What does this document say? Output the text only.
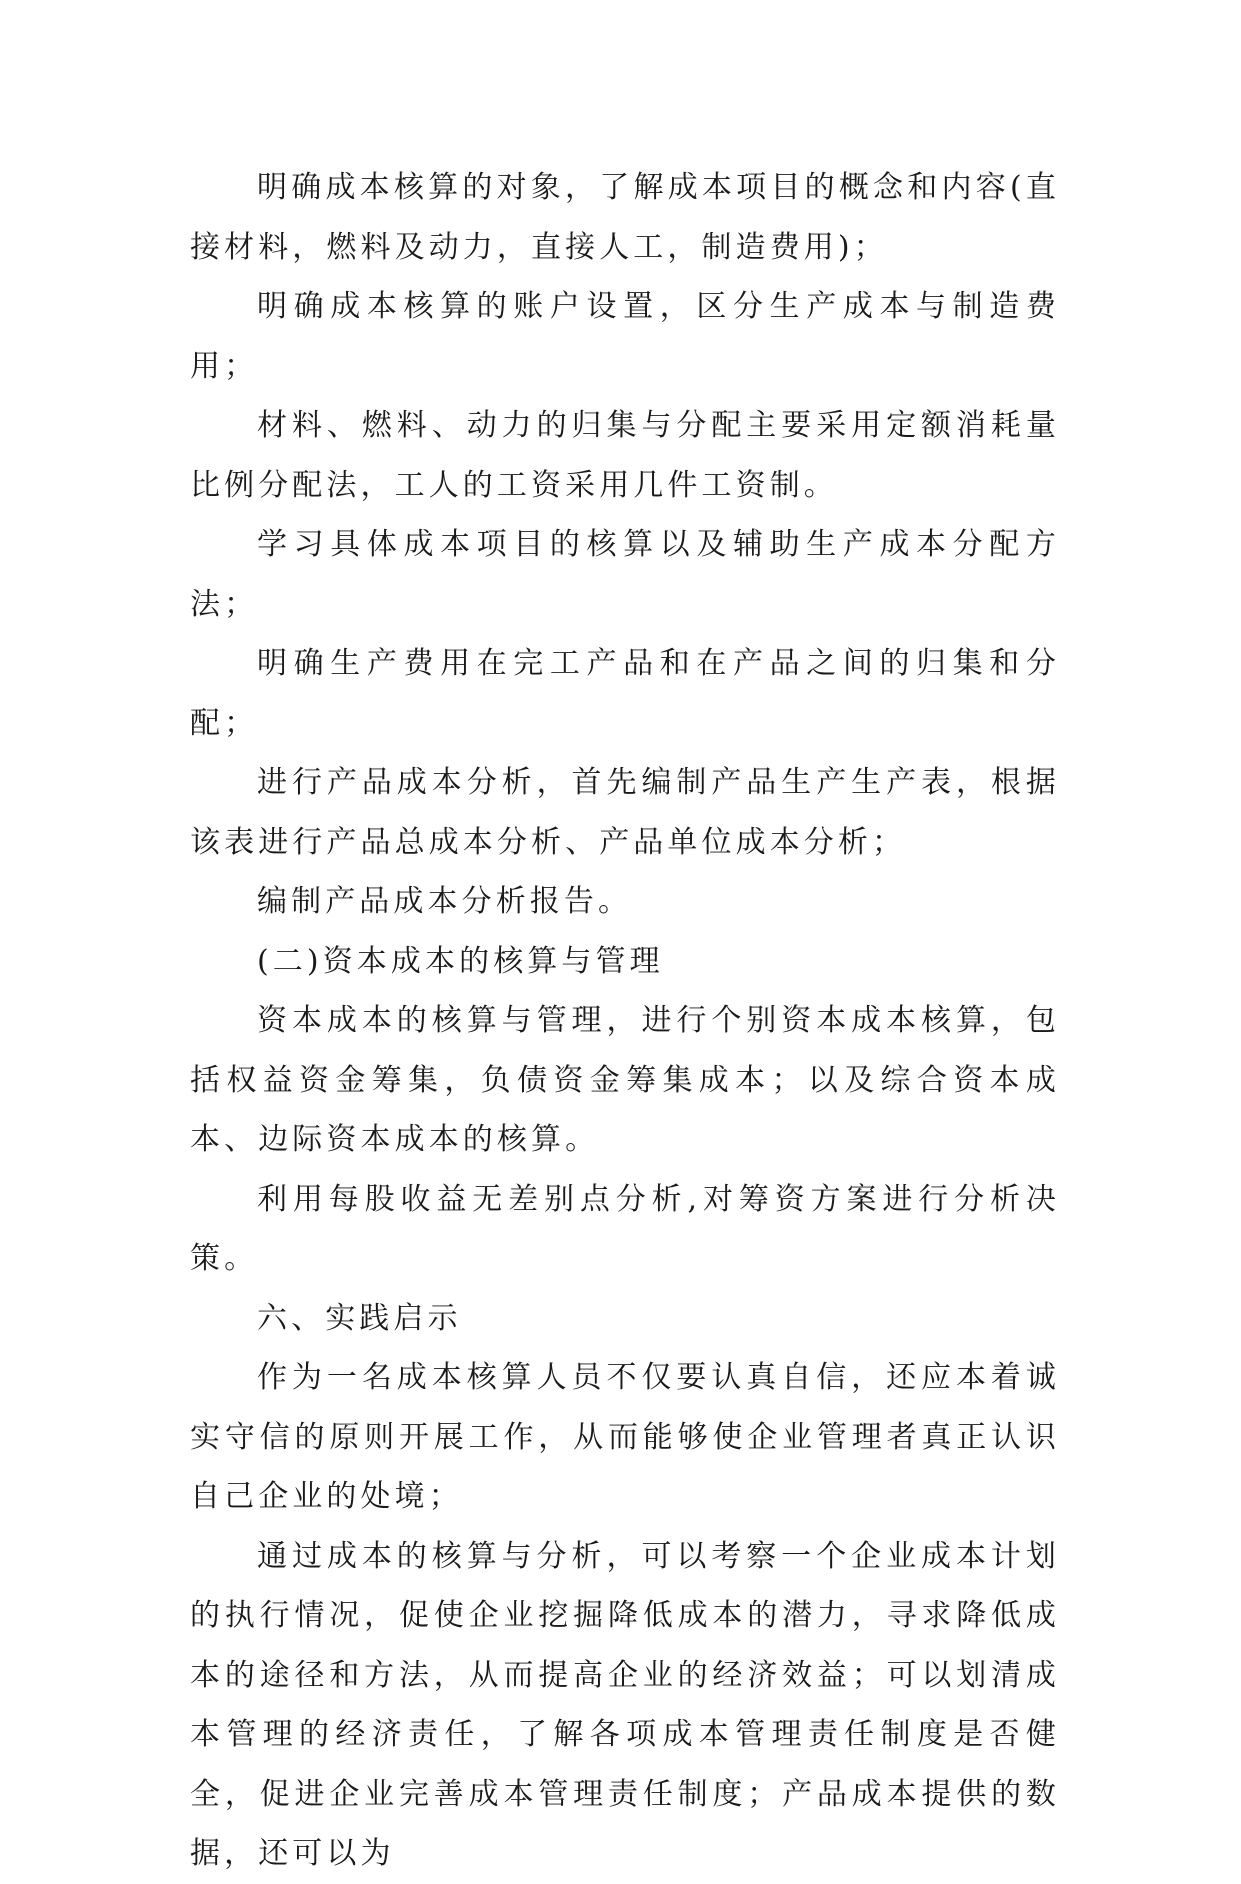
明确成本核算的对象，了解成本项目的概念和内容(直接材料，燃料及动力，直接人工，制造费用)；

明确成本核算的账户设置，区分生产成本与制造费用；

材料、燃料、动力的归集与分配主要采用定额消耗量比例分配法，工人的工资采用几件工资制。

学习具体成本项目的核算以及辅助生产成本分配方法；

明确生产费用在完工产品和在产品之间的归集和分配；

进行产品成本分析，首先编制产品生产生产表，根据该表进行产品总成本分析、产品单位成本分析；

编制产品成本分析报告。

(二)资本成本的核算与管理

资本成本的核算与管理，进行个别资本成本核算，包括权益资金筹集，负债资金筹集成本；以及综合资本成本、边际资本成本的核算。

利用每股收益无差别点分析,对筹资方案进行分析决策。

六、实践启示

作为一名成本核算人员不仅要认真自信，还应本着诚实守信的原则开展工作，从而能够使企业管理者真正认识自己企业的处境；

通过成本的核算与分析，可以考察一个企业成本计划的执行情况，促使企业挖掘降低成本的潜力，寻求降低成本的途径和方法，从而提高企业的经济效益；可以划清成本管理的经济责任，了解各项成本管理责任制度是否健全，促进企业完善成本管理责任制度；产品成本提供的数据，还可以为
